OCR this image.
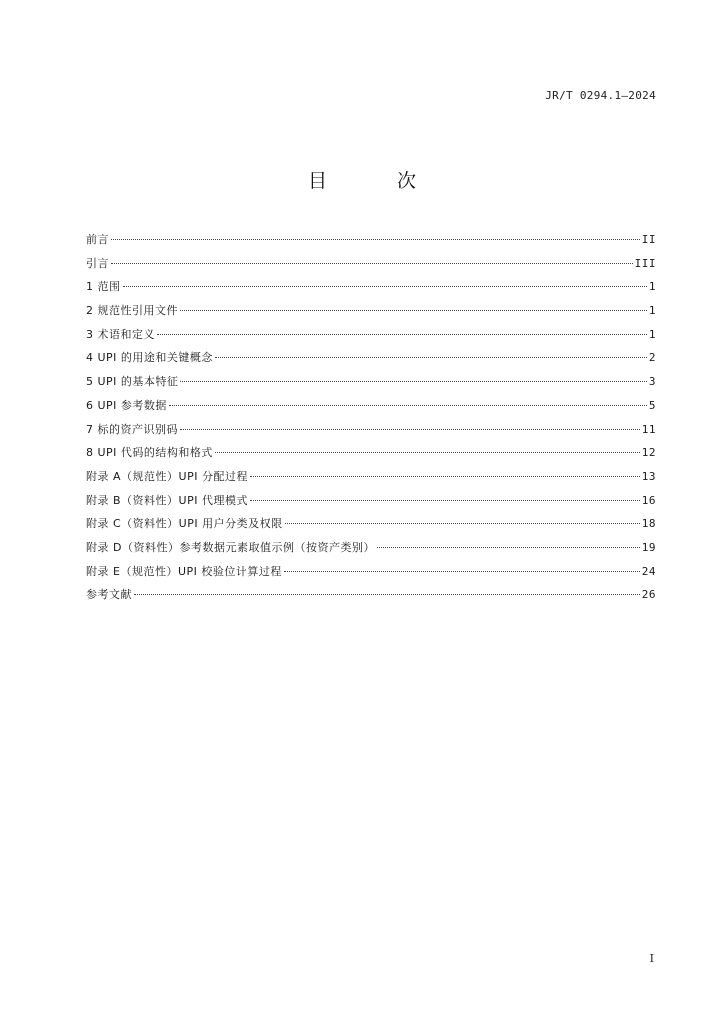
JR/T 0294.1—2024
目 次
前言	II
引言	III
1 范围	1
2 规范性引用文件	1
3 术语和定义	1
4 UPI 的用途和关键概念	2
5 UPI 的基本特征	3
6 UPI 参考数据	5
7 标的资产识别码	11
8 UPI 代码的结构和格式	12
附录 A（规范性）UPI 分配过程	13
附录 B（资料性）UPI 代理模式	16
附录 C（资料性）UPI 用户分类及权限	18
附录 D（资料性）参考数据元素取值示例（按资产类别）	19
附录 E（规范性）UPI 校验位计算过程	24
参考文献	26
I
